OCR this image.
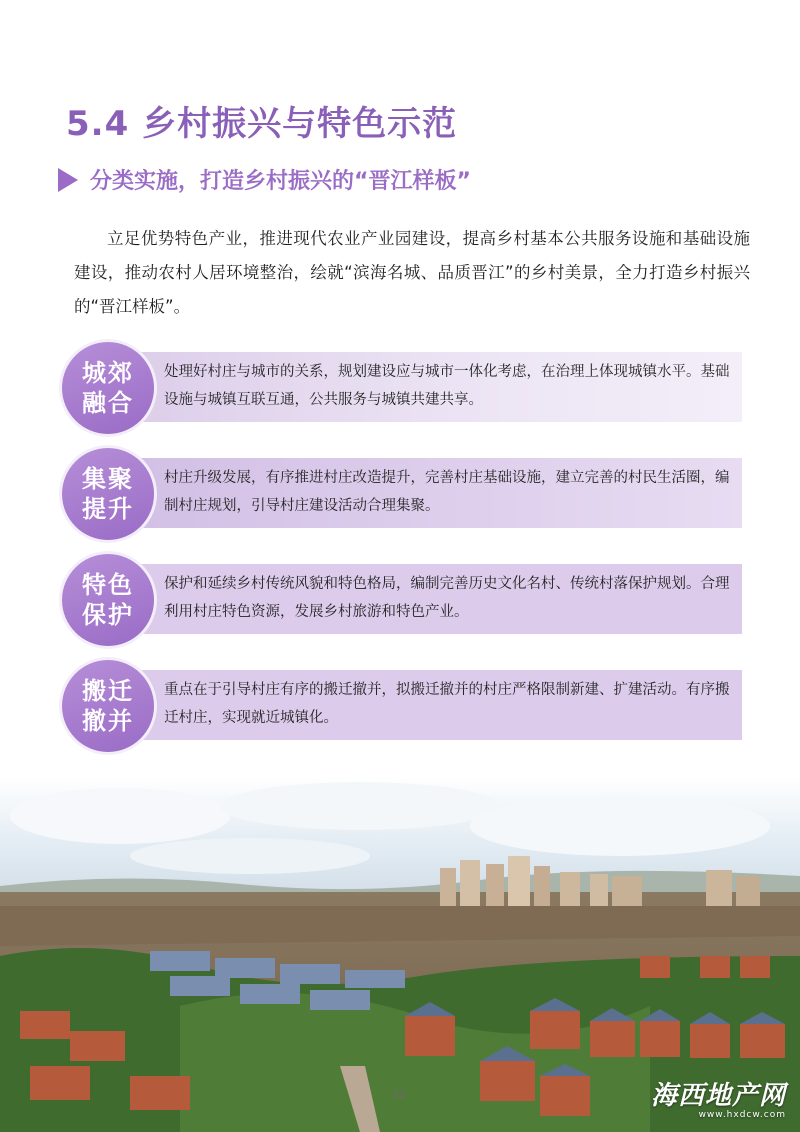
5.4 乡村振兴与特色示范
分类实施，打造乡村振兴的“晋江样板”

立足优势特色产业，推进现代农业产业园建设，提高乡村基本公共服务设施和基础设施建设，推动农村人居环境整治，绘就“滨海名城、品质晋江”的乡村美景，全力打造乡村振兴的“晋江样板”。

城郊
融合
处理好村庄与城市的关系，规划建设应与城市一体化考虑，在治理上体现城镇水平。基础设施与城镇互联互通，公共服务与城镇共建共享。
集聚
提升
村庄升级发展，有序推进村庄改造提升，完善村庄基础设施，建立完善的村民生活圈，编制村庄规划，引导村庄建设活动合理集聚。
特色
保护
保护和延续乡村传统风貌和特色格局，编制完善历史文化名村、传统村落保护规划。合理利用村庄特色资源，发展乡村旅游和特色产业。
搬迁
撤并
重点在于引导村庄有序的搬迁撤并，拟搬迁撤并的村庄严格限制新建、扩建活动。有序搬迁村庄，实现就近城镇化。
22	海西地产网
www.hxdcw.com
